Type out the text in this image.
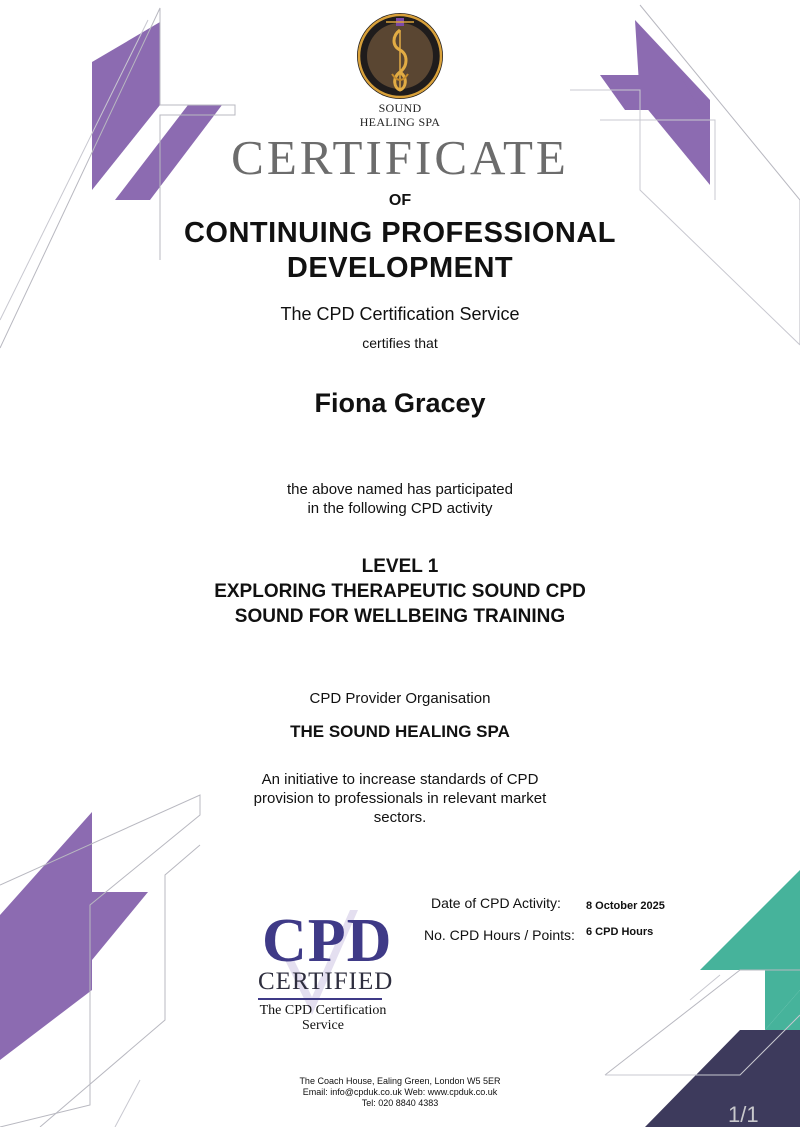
SOUND
HEALING SPA
CERTIFICATE
OF
CONTINUING PROFESSIONAL
DEVELOPMENT
The CPD Certification Service
certifies that
Fiona Gracey
the above named has participated
in the following CPD activity
LEVEL 1
EXPLORING THERAPEUTIC SOUND CPD
SOUND FOR WELLBEING TRAINING
CPD Provider Organisation
THE SOUND HEALING SPA
An initiative to increase standards of CPD
provision to professionals in relevant market
sectors.
Date of CPD Activity: 8 October 2025
No. CPD Hours / Points: 6 CPD Hours
CPD
CERTIFIED
The CPD Certification
Service
The Coach House, Ealing Green, London W5 5ER
Email: info@cpduk.co.uk Web: www.cpduk.co.uk
Tel: 020 8840 4383	1/1
